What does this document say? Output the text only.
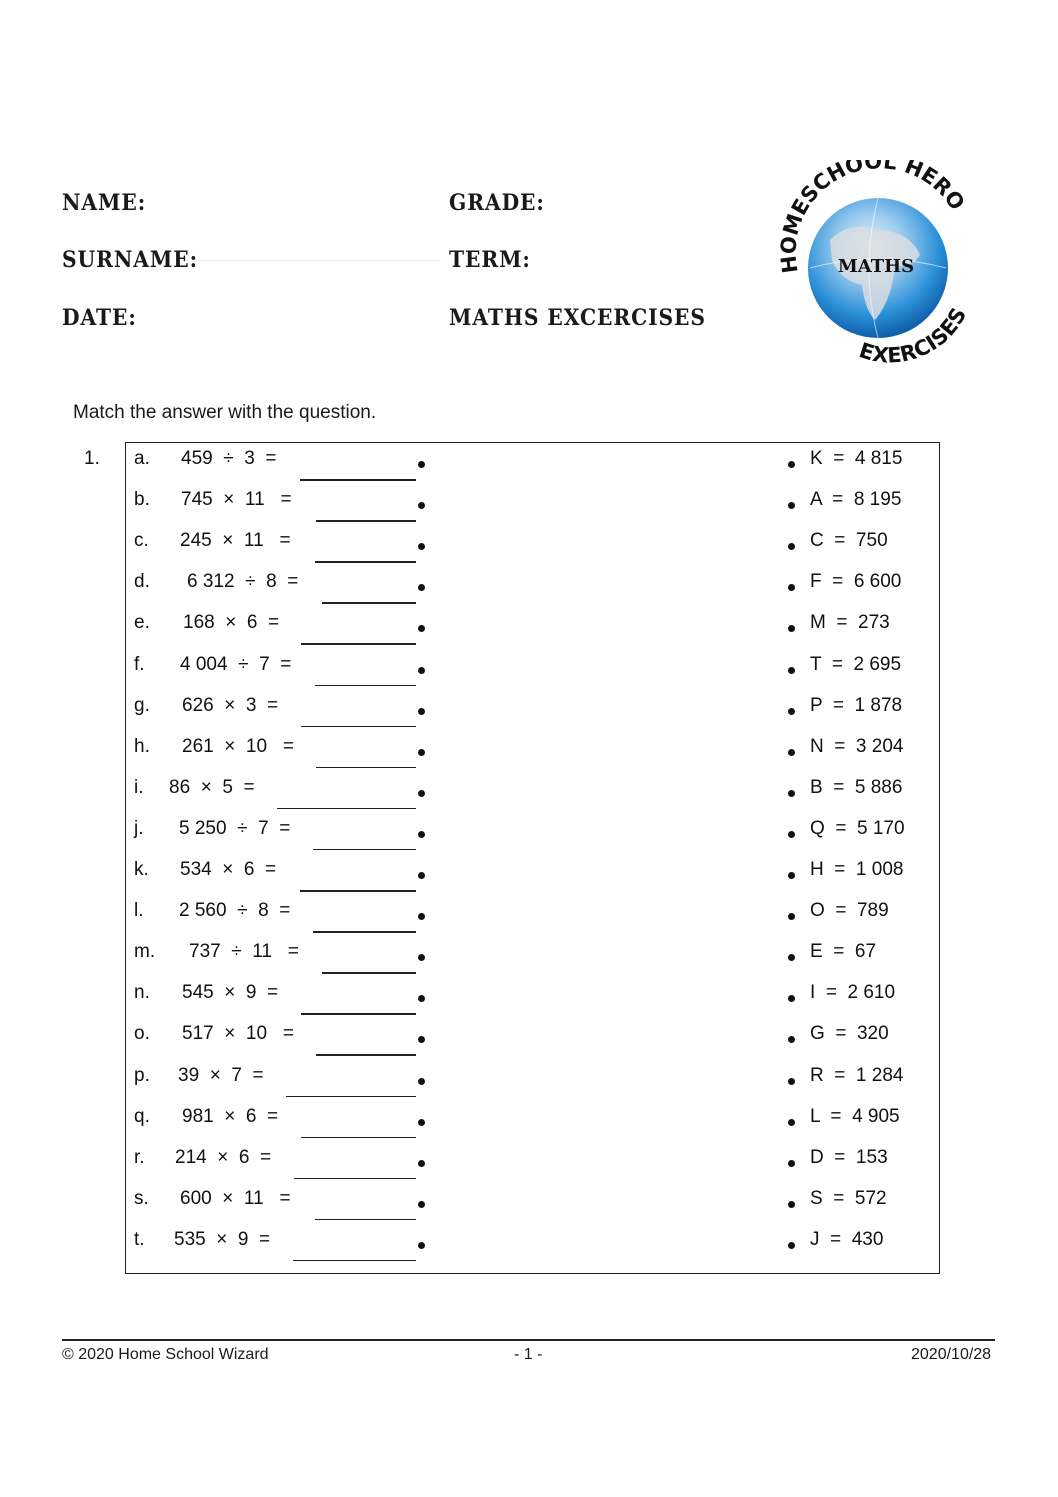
NAME:
SURNAME:
DATE:
GRADE:
TERM:
MATHS EXCERCISES
MATHS
HOMESCHOOL HERO
EXERCISES
Match the answer with the question.
1. a. 459  ÷  3  =	K  =  4 815
b. 745  ×  11   =	A  =  8 195
c. 245  ×  11   =	C  =  750
d. 6 312  ÷  8  =	F  =  6 600
e. 168  ×  6  =	M  =  273
f. 4 004  ÷  7  =	T  =  2 695
g. 626  ×  3  =	P  =  1 878
h. 261  ×  10   =	N  =  3 204
i. 86  ×  5  =	B  =  5 886
j. 5 250  ÷  7  =	Q  =  5 170
k. 534  ×  6  =	H  =  1 008
l. 2 560  ÷  8  =	O  =  789
m. 737  ÷  11   =	E  =  67
n. 545  ×  9  =	I  =  2 610
o. 517  ×  10   =	G  =  320
p. 39  ×  7  =	R  =  1 284
q. 981  ×  6  =	L  =  4 905
r. 214  ×  6  =	D  =  153
s. 600  ×  11   =	S  =  572
t. 535  ×  9  =	J  =  430
© 2020 Home School Wizard	- 1 -	2020/10/28
